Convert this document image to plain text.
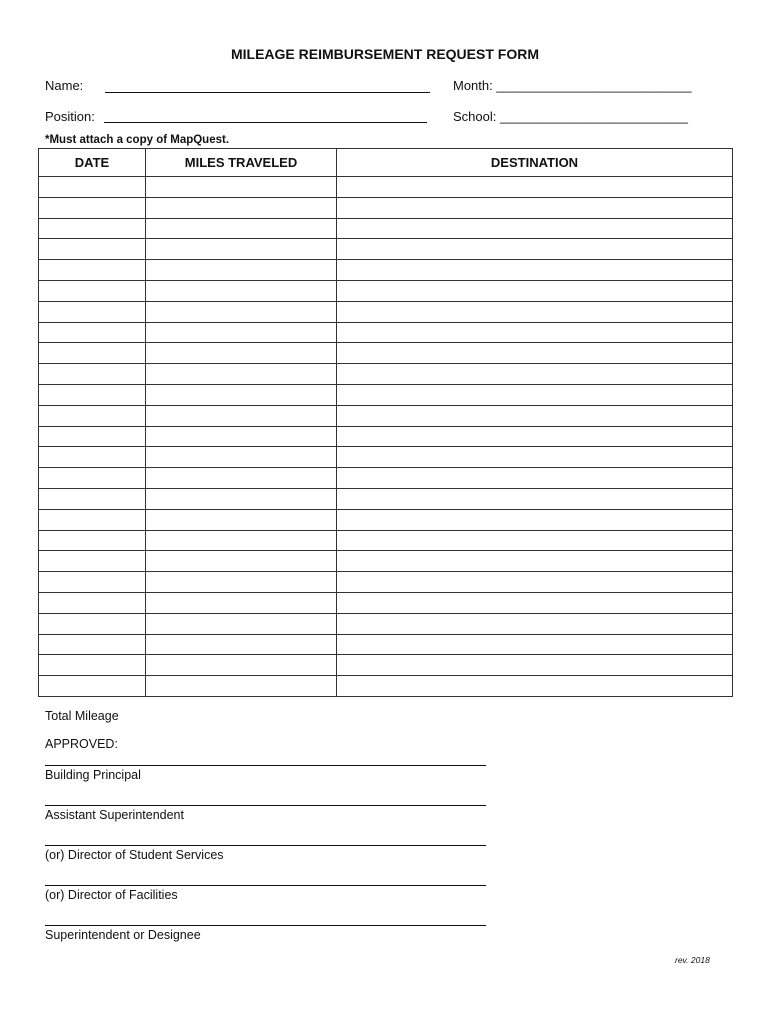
MILEAGE REIMBURSEMENT REQUEST FORM
Name:	Month: ___________________________
Position:	School: __________________________
*Must attach a copy of MapQuest.
DATE	MILES TRAVELED	DESTINATION

Total Mileage
APPROVED:
Building Principal
Assistant Superintendent
(or) Director of Student Services
(or) Director of Facilities
Superintendent or Designee
rev. 2018
